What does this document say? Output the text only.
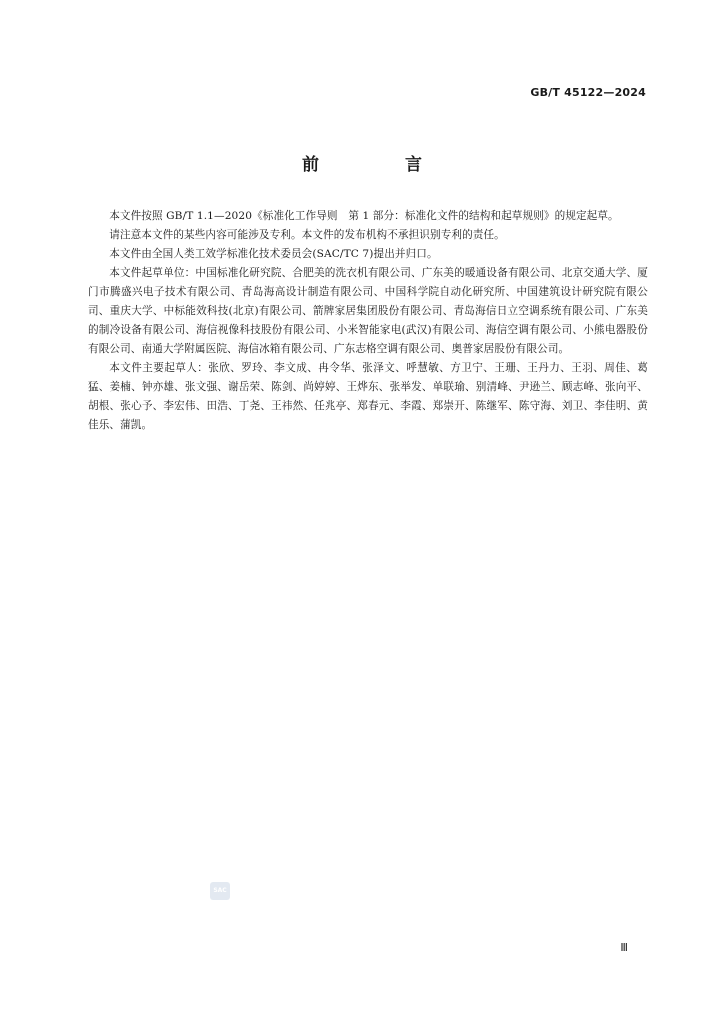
GB/T 45122—2024
前 言

本文件按照 GB/T 1.1—2020《标准化工作导则　第 1 部分：标准化文件的结构和起草规则》的规定起草。

请注意本文件的某些内容可能涉及专利。本文件的发布机构不承担识别专利的责任。

本文件由全国人类工效学标准化技术委员会(SAC/TC 7)提出并归口。

本文件起草单位：中国标准化研究院、合肥美的洗衣机有限公司、广东美的暖通设备有限公司、北京交通大学、厦门市腾盛兴电子技术有限公司、青岛海高设计制造有限公司、中国科学院自动化研究所、中国建筑设计研究院有限公司、重庆大学、中标能效科技(北京)有限公司、箭牌家居集团股份有限公司、青岛海信日立空调系统有限公司、广东美的制冷设备有限公司、海信视像科技股份有限公司、小米智能家电(武汉)有限公司、海信空调有限公司、小熊电器股份有限公司、南通大学附属医院、海信冰箱有限公司、广东志格空调有限公司、奥普家居股份有限公司。

本文件主要起草人：张欣、罗玲、李文成、冉令华、张泽文、呼慧敏、方卫宁、王珊、王丹力、王羽、周佳、葛猛、姜楠、钟亦雄、张文强、谢岳荣、陈剑、尚婷婷、王烨东、张举发、单联瑜、别清峰、尹逊兰、顾志峰、张向平、胡根、张心予、李宏伟、田浩、丁尧、王祎然、任兆亭、郑春元、李霞、郑崇开、陈继军、陈守海、刘卫、李佳明、黄佳乐、蒲凯。

SAC
Ⅲ
